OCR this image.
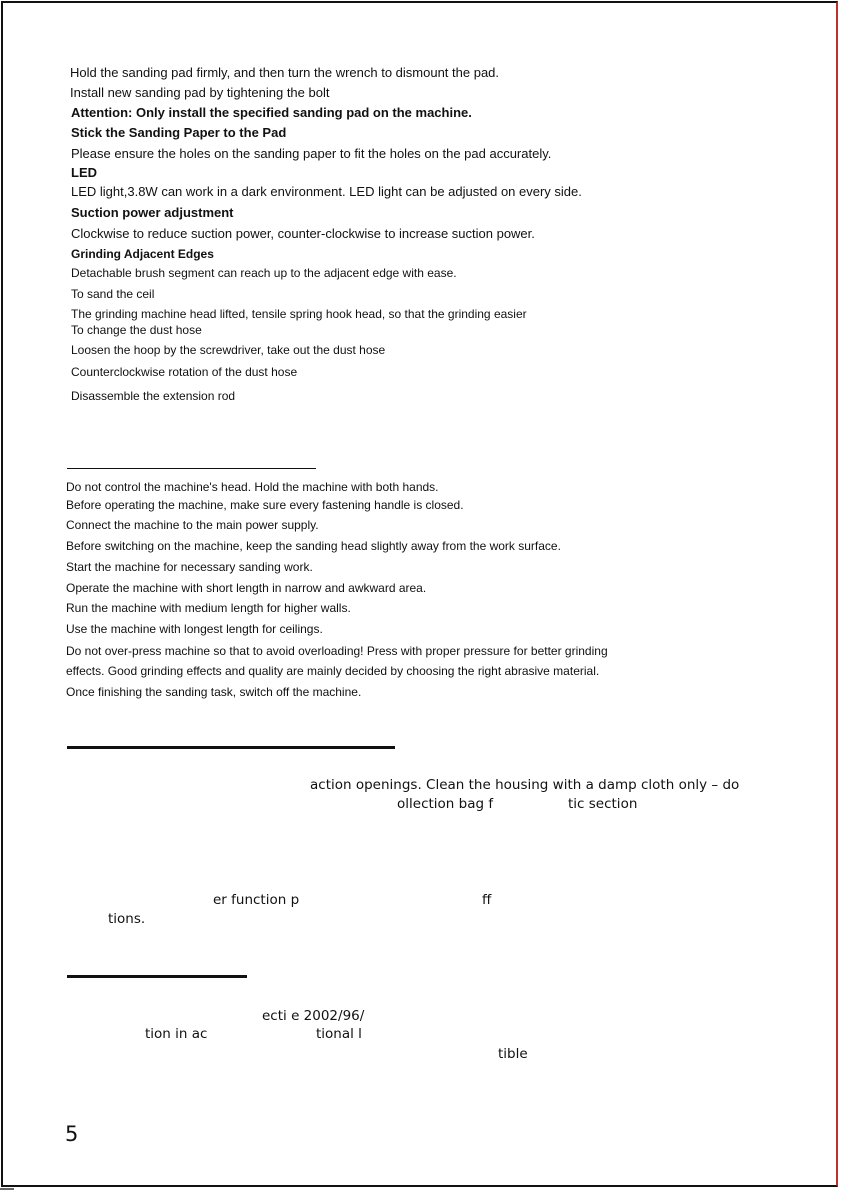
Hold the sanding pad firmly, and then turn the wrench to dismount the pad.
Install new sanding pad by tightening the bolt
Attention: Only install the specified sanding pad on the machine.
Stick the Sanding Paper to the Pad
Please ensure the holes on the sanding paper to fit the holes on the pad accurately.
LED
LED light,3.8W can work in a dark environment. LED light can be adjusted on every side.
Suction power adjustment
Clockwise to reduce suction power, counter-clockwise to increase suction power.
Grinding Adjacent Edges
Detachable brush segment can reach up to the adjacent edge with ease.
To sand the ceil
The grinding machine head lifted, tensile spring hook head, so that the grinding easier
To change the dust hose
Loosen the hoop by the screwdriver, take out the dust hose
Counterclockwise rotation of the dust hose
Disassemble the extension rod
Do not control the machine's head. Hold the machine with both hands.
Before operating the machine, make sure every fastening handle is closed.
Connect the machine to the main power supply.
Before switching on the machine, keep the sanding head slightly away from the work surface.
Start the machine for necessary sanding work.
Operate the machine with short length in narrow and awkward area.
Run the machine with medium length for higher walls.
Use the machine with longest length for ceilings.
Do not over-press machine so that to avoid overloading! Press with proper pressure for better grinding
effects. Good grinding effects and quality are mainly decided by choosing the right abrasive material.
Once finishing the sanding task, switch off the machine.
action openings. Clean the housing with a damp cloth only – do
ollection bag f	tic section
er function p	ff
tions.
ecti e 2002/96/
tion in ac	tional l
tible
5
